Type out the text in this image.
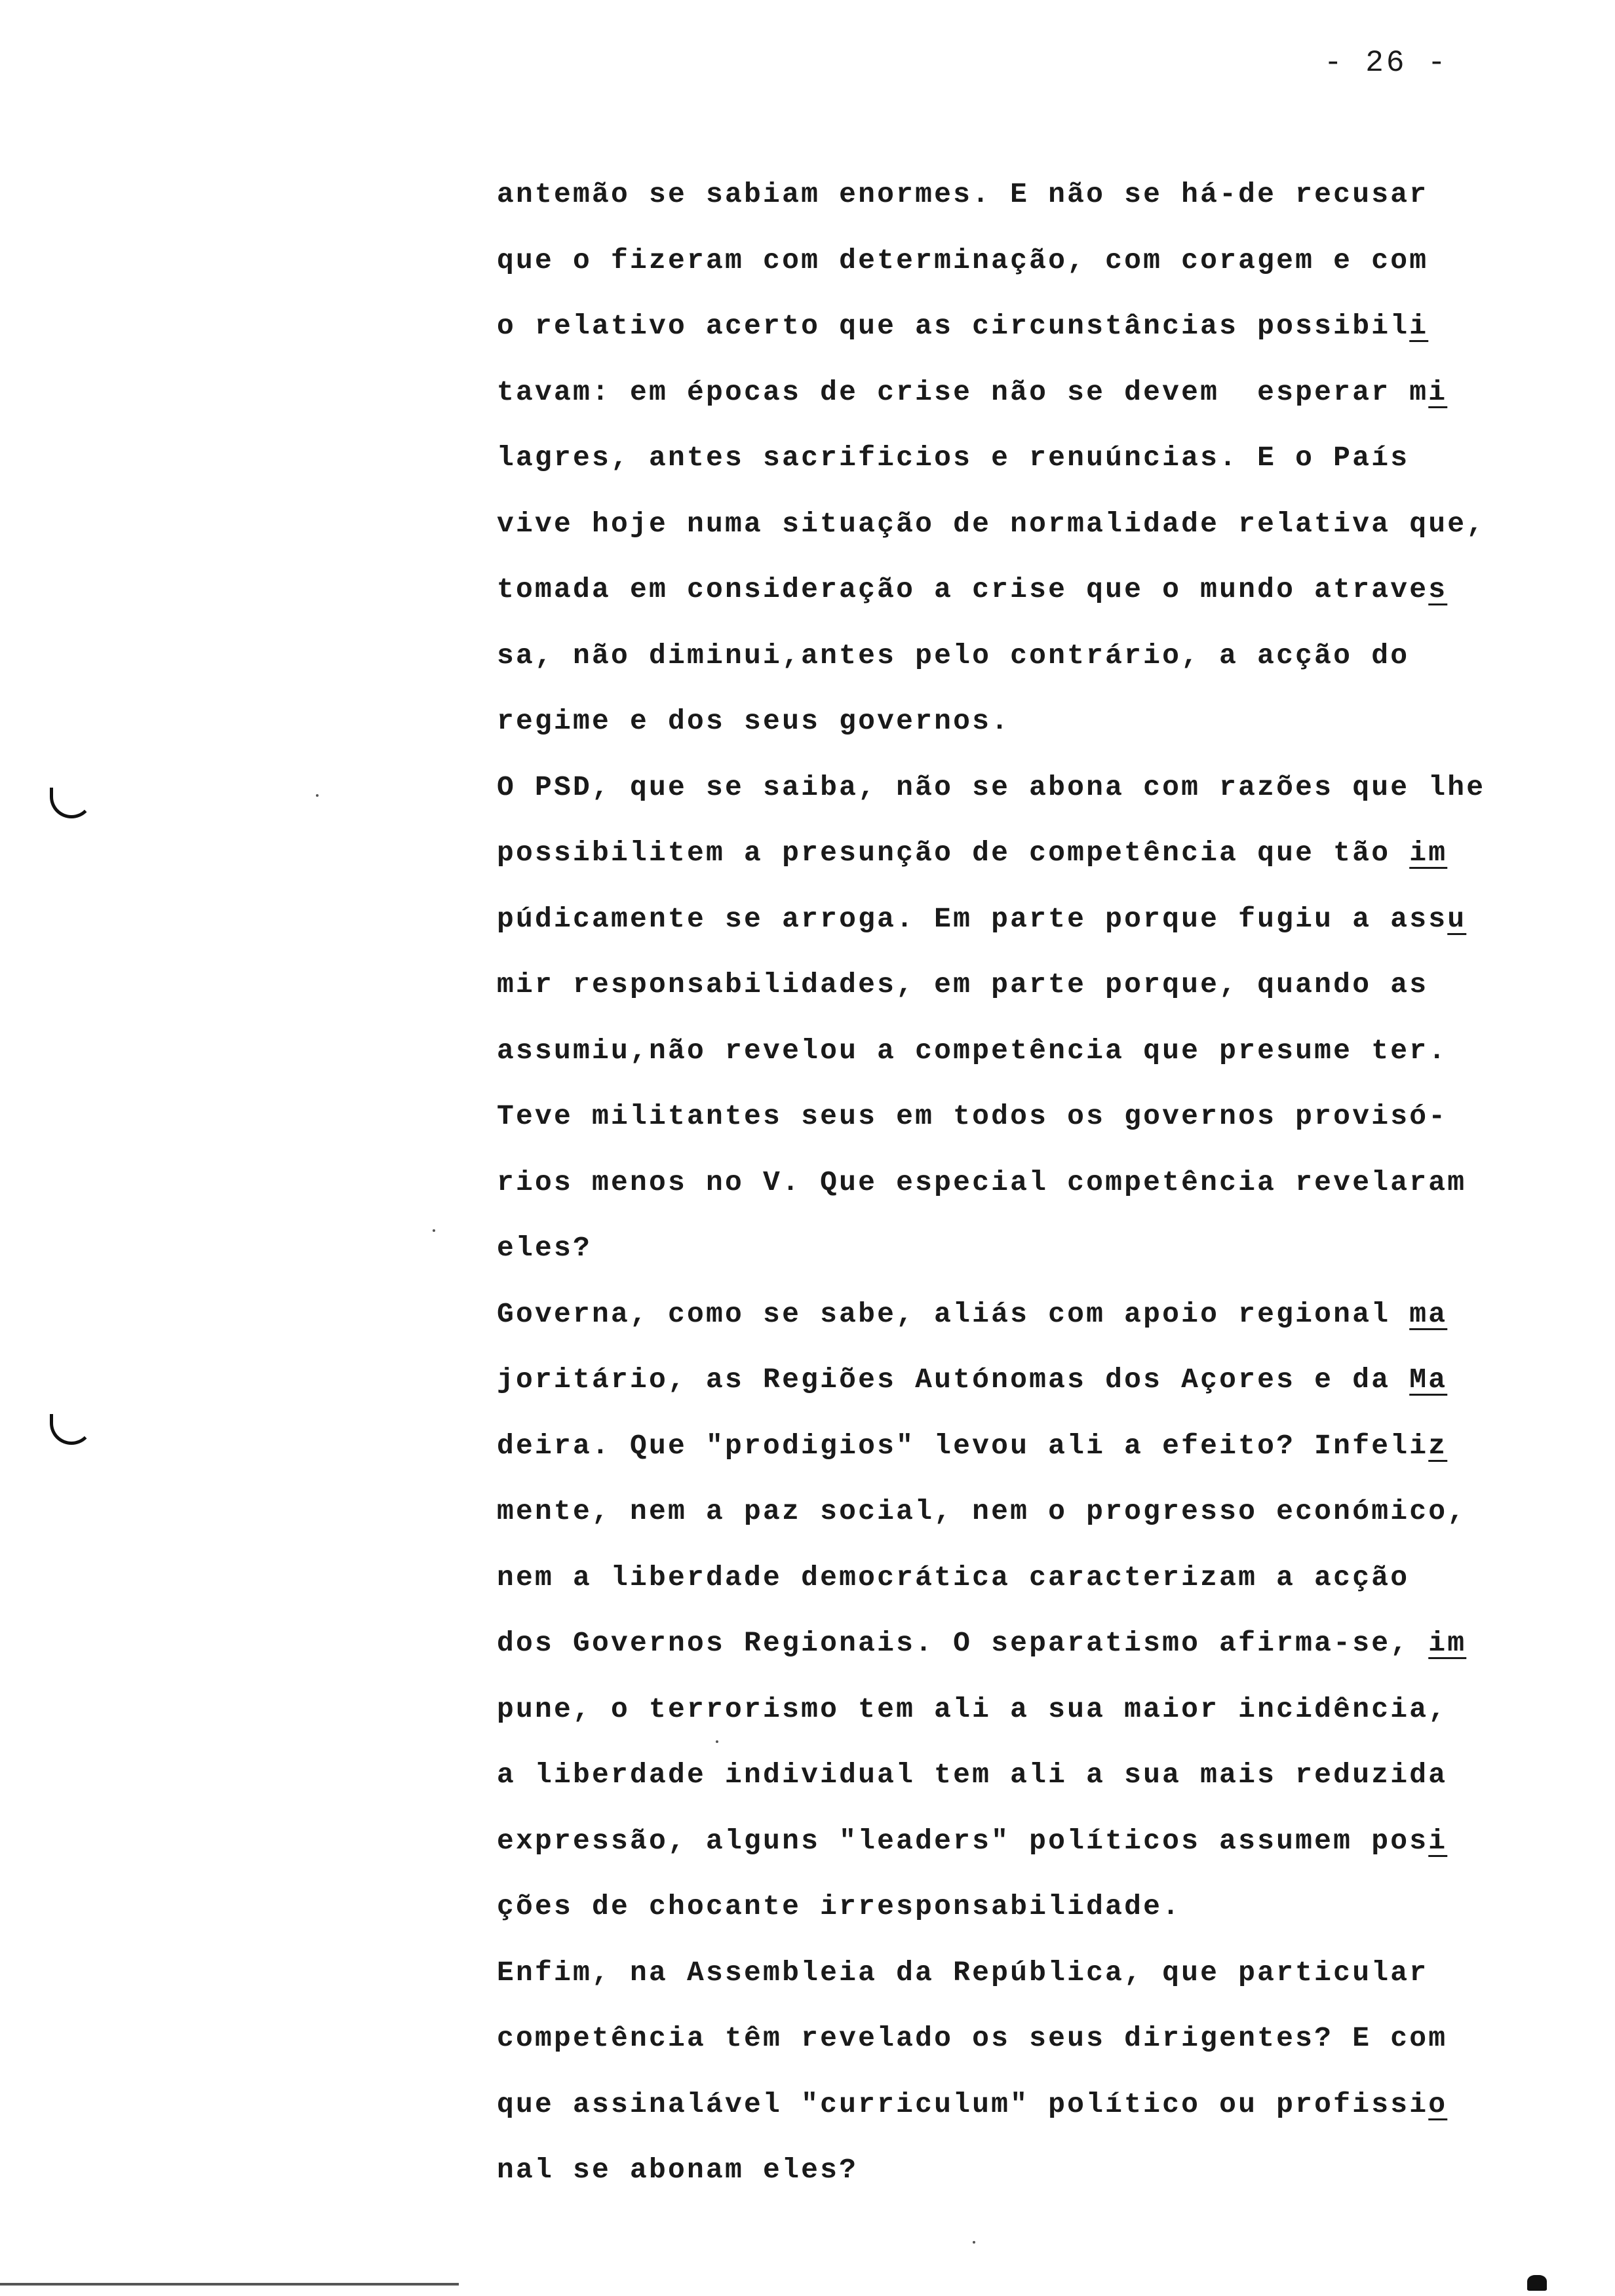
- 26 -
antemão se sabiam enormes. E não se há-de recusar
que o fizeram com determinação, com coragem e com
o relativo acerto que as circunstâncias possibili
tavam: em épocas de crise não se devem  esperar mi
lagres, antes sacrificios e renuúncias. E o País
vive hoje numa situação de normalidade relativa que,
tomada em consideração a crise que o mundo atraves
sa, não diminui,antes pelo contrário, a acção do
regime e dos seus governos.
O PSD, que se saiba, não se abona com razões que lhe
possibilitem a presunção de competência que tão im
púdicamente se arroga. Em parte porque fugiu a assu
mir responsabilidades, em parte porque, quando as
assumiu,não revelou a competência que presume ter.
Teve militantes seus em todos os governos provisó-
rios menos no V. Que especial competência revelaram
eles?
Governa, como se sabe, aliás com apoio regional ma
joritário, as Regiões Autónomas dos Açores e da Ma
deira. Que "prodigios" levou ali a efeito? Infeliz
mente, nem a paz social, nem o progresso económico,
nem a liberdade democrática caracterizam a acção
dos Governos Regionais. O separatismo afirma-se, im
pune, o terrorismo tem ali a sua maior incidência,
a liberdade individual tem ali a sua mais reduzida
expressão, alguns "leaders" políticos assumem posi
ções de chocante irresponsabilidade.
Enfim, na Assembleia da República, que particular
competência têm revelado os seus dirigentes? E com
que assinalável "curriculum" político ou profissio
nal se abonam eles?
